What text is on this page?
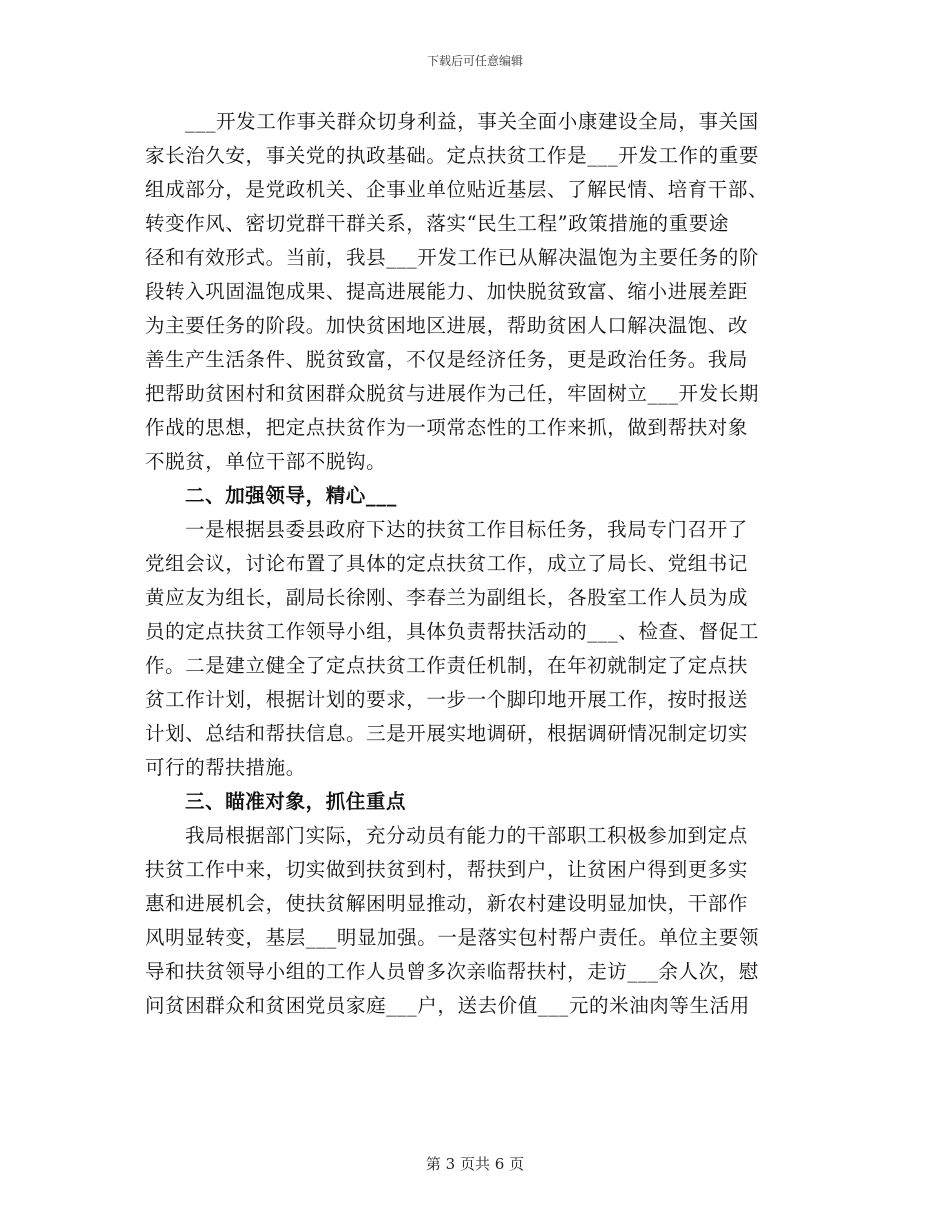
下载后可任意编辑
___开发工作事关群众切身利益，事关全面小康建设全局，事关国
家长治久安，事关党的执政基础。定点扶贫工作是___开发工作的重要
组成部分，是党政机关、企事业单位贴近基层、了解民情、培育干部、
转变作风、密切党群干群关系，落实“民生工程”政策措施的重要途
径和有效形式。当前，我县___开发工作已从解决温饱为主要任务的阶
段转入巩固温饱成果、提高进展能力、加快脱贫致富、缩小进展差距
为主要任务的阶段。加快贫困地区进展，帮助贫困人口解决温饱、改
善生产生活条件、脱贫致富，不仅是经济任务，更是政治任务。我局
把帮助贫困村和贫困群众脱贫与进展作为己任，牢固树立___开发长期
作战的思想，把定点扶贫作为一项常态性的工作来抓，做到帮扶对象
不脱贫，单位干部不脱钩。
二、加强领导，精心___
一是根据县委县政府下达的扶贫工作目标任务，我局专门召开了
党组会议，讨论布置了具体的定点扶贫工作，成立了局长、党组书记
黄应友为组长，副局长徐刚、李春兰为副组长，各股室工作人员为成
员的定点扶贫工作领导小组，具体负责帮扶活动的___、检查、督促工
作。二是建立健全了定点扶贫工作责任机制，在年初就制定了定点扶
贫工作计划，根据计划的要求，一步一个脚印地开展工作，按时报送
计划、总结和帮扶信息。三是开展实地调研，根据调研情况制定切实
可行的帮扶措施。
三、瞄准对象，抓住重点
我局根据部门实际，充分动员有能力的干部职工积极参加到定点
扶贫工作中来，切实做到扶贫到村，帮扶到户，让贫困户得到更多实
惠和进展机会，使扶贫解困明显推动，新农村建设明显加快，干部作
风明显转变，基层___明显加强。一是落实包村帮户责任。单位主要领
导和扶贫领导小组的工作人员曾多次亲临帮扶村，走访___余人次，慰
问贫困群众和贫困党员家庭___户，送去价值___元的米油肉等生活用
第 3 页共 6 页
